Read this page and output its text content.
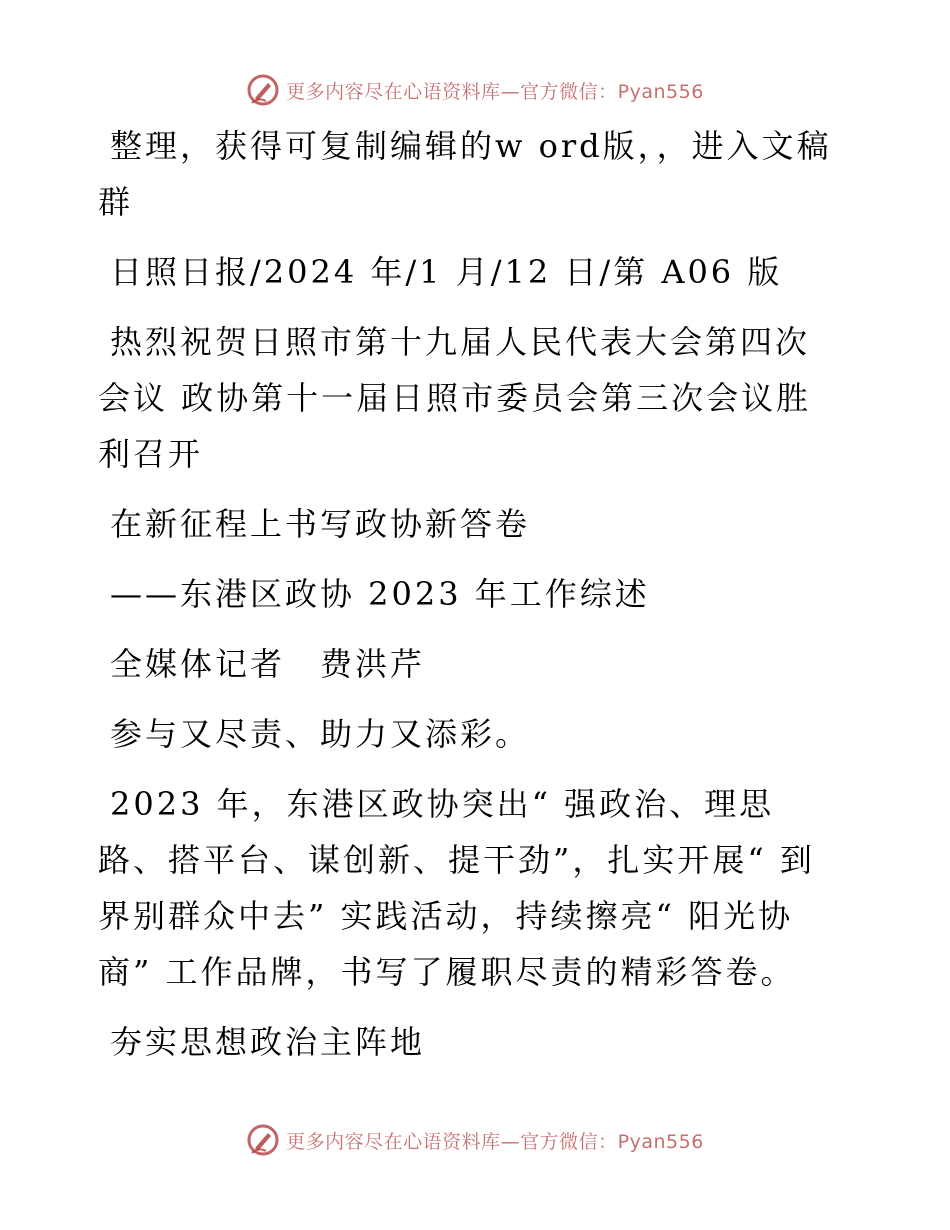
更多内容尽在心语资料库—官方微信：Pyan556

整理，获得可复制编辑的w ord版，，进入文稿群

日照日报/2024 年/1 月/12 日/第 A06 版

热烈祝贺日照市第十九届人民代表大会第四次会议 政协第十一届日照市委员会第三次会议胜利召开

在新征程上书写政协新答卷

——东港区政协 2023 年工作综述

全媒体记者　费洪芹

参与又尽责、助力又添彩。

2023 年，东港区政协突出“ 强政治、理思路、搭平台、谋创新、提干劲”，扎实开展“ 到界别群众中去” 实践活动，持续擦亮“ 阳光协商” 工作品牌，书写了履职尽责的精彩答卷。

夯实思想政治主阵地

更多内容尽在心语资料库—官方微信：Pyan556
